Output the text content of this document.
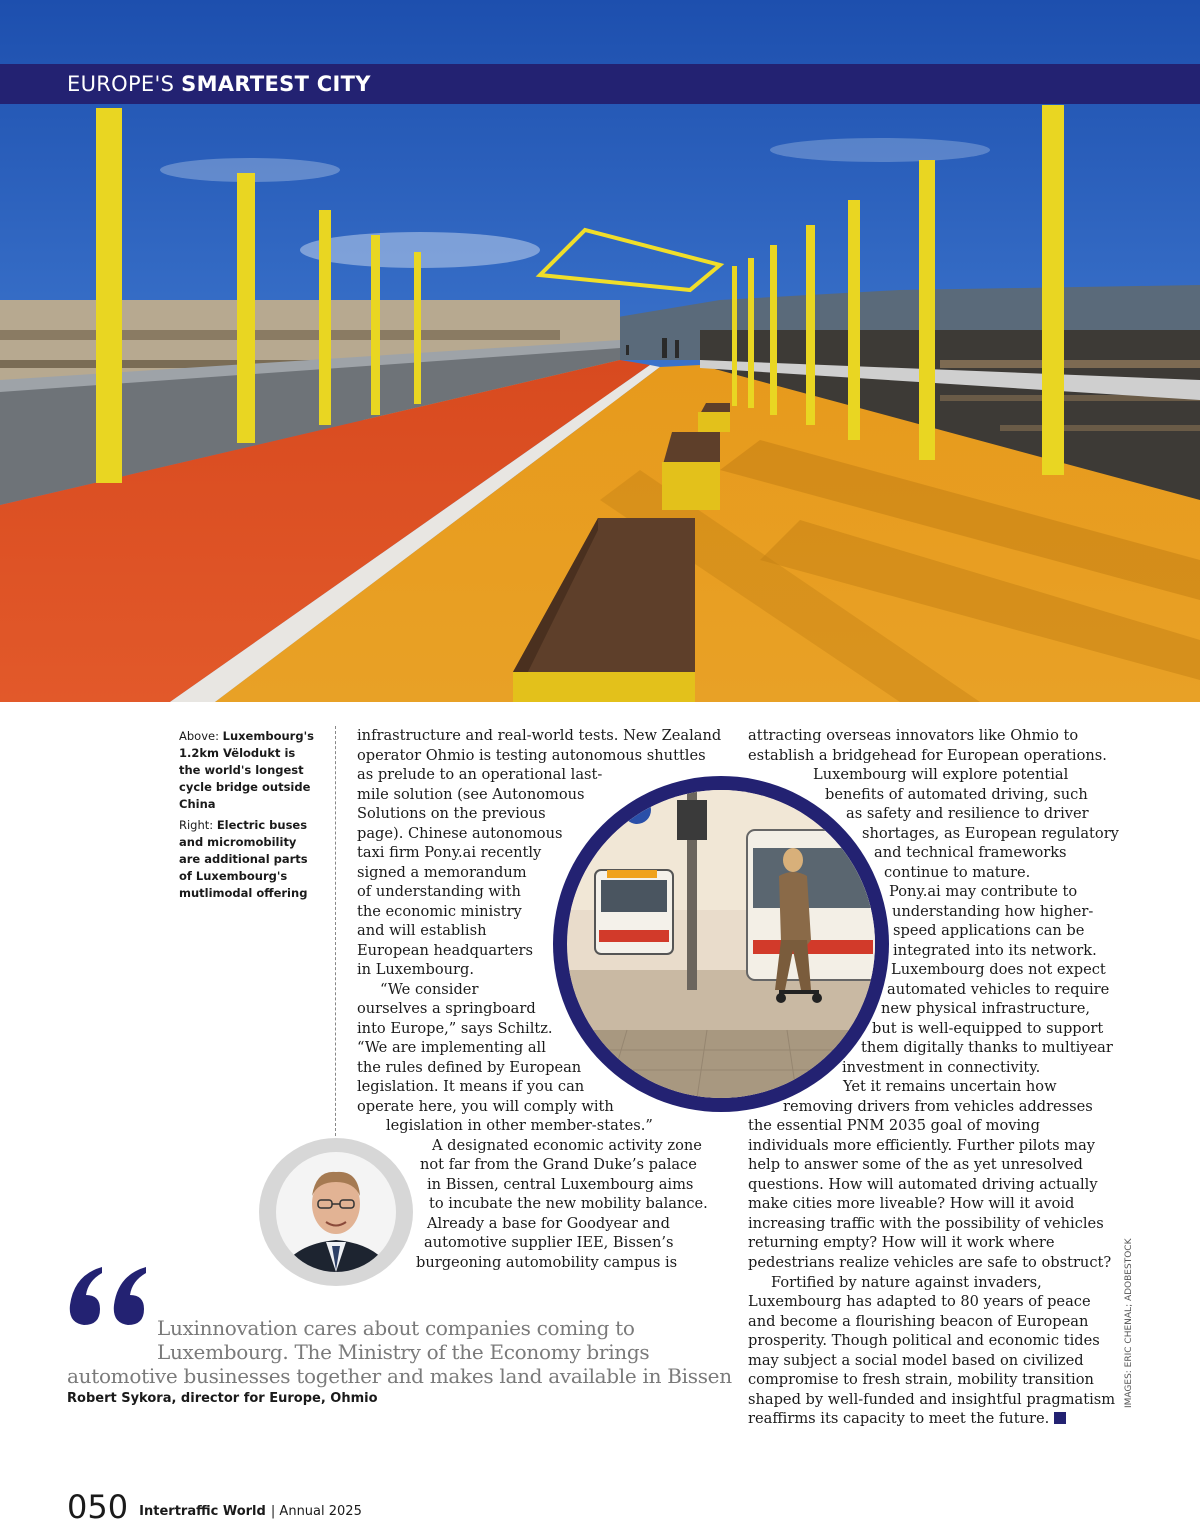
EUROPE'S SMARTEST CITY

Above: Luxembourg's 1.2km Vëlodukt is the world's longest cycle bridge outside China

Right: Electric buses and micromobility are additional parts of Luxembourg's mutlimodal offering

infrastructure and real-world tests. New Zealand
operator Ohmio is testing autonomous shuttles
as prelude to an operational last-
mile solution (see Autonomous
Solutions on the previous
page). Chinese autonomous
taxi firm Pony.ai recently
signed a memorandum
of understanding with
the economic ministry
and will establish
European headquarters
in Luxembourg.
“We consider
ourselves a springboard
into Europe,” says Schiltz.
“We are implementing all
the rules defined by European
legislation. It means if you can
operate here, you will comply with
legislation in other member-states.”
A designated economic activity zone
not far from the Grand Duke’s palace
in Bissen, central Luxembourg aims
to incubate the new mobility balance.
Already a base for Goodyear and
automotive supplier IEE, Bissen’s
burgeoning automobility campus is
attracting overseas innovators like Ohmio to
establish a bridgehead for European operations.
Luxembourg will explore potential
benefits of automated driving, such
as safety and resilience to driver
shortages, as European regulatory
and technical frameworks
continue to mature.
Pony.ai may contribute to
understanding how higher-
speed applications can be
integrated into its network.
Luxembourg does not expect
automated vehicles to require
new physical infrastructure,
but is well-equipped to support
them digitally thanks to multiyear
investment in connectivity.
Yet it remains uncertain how
removing drivers from vehicles addresses
the essential PNM 2035 goal of moving
individuals more efficiently. Further pilots may
help to answer some of the as yet unresolved
questions. How will automated driving actually
make cities more liveable? How will it avoid
increasing traffic with the possibility of vehicles
returning empty? How will it work where
pedestrians realize vehicles are safe to obstruct?
Fortified by nature against invaders,
Luxembourg has adapted to 80 years of peace
and become a flourishing beacon of European
prosperity. Though political and economic tides
may subject a social model based on civilized
compromise to fresh strain, mobility transition
shaped by well-funded and insightful pragmatism
reaffirms its capacity to meet the future.
Luxinnovation cares about companies coming to
Luxembourg. The Ministry of the Economy brings
automotive businesses together and makes land available in Bissen
Robert Sykora, director for Europe, Ohmio	IMAGES: ERIC CHENAL; ADOBESTOCK
050 Intertraffic World | Annual 2025
